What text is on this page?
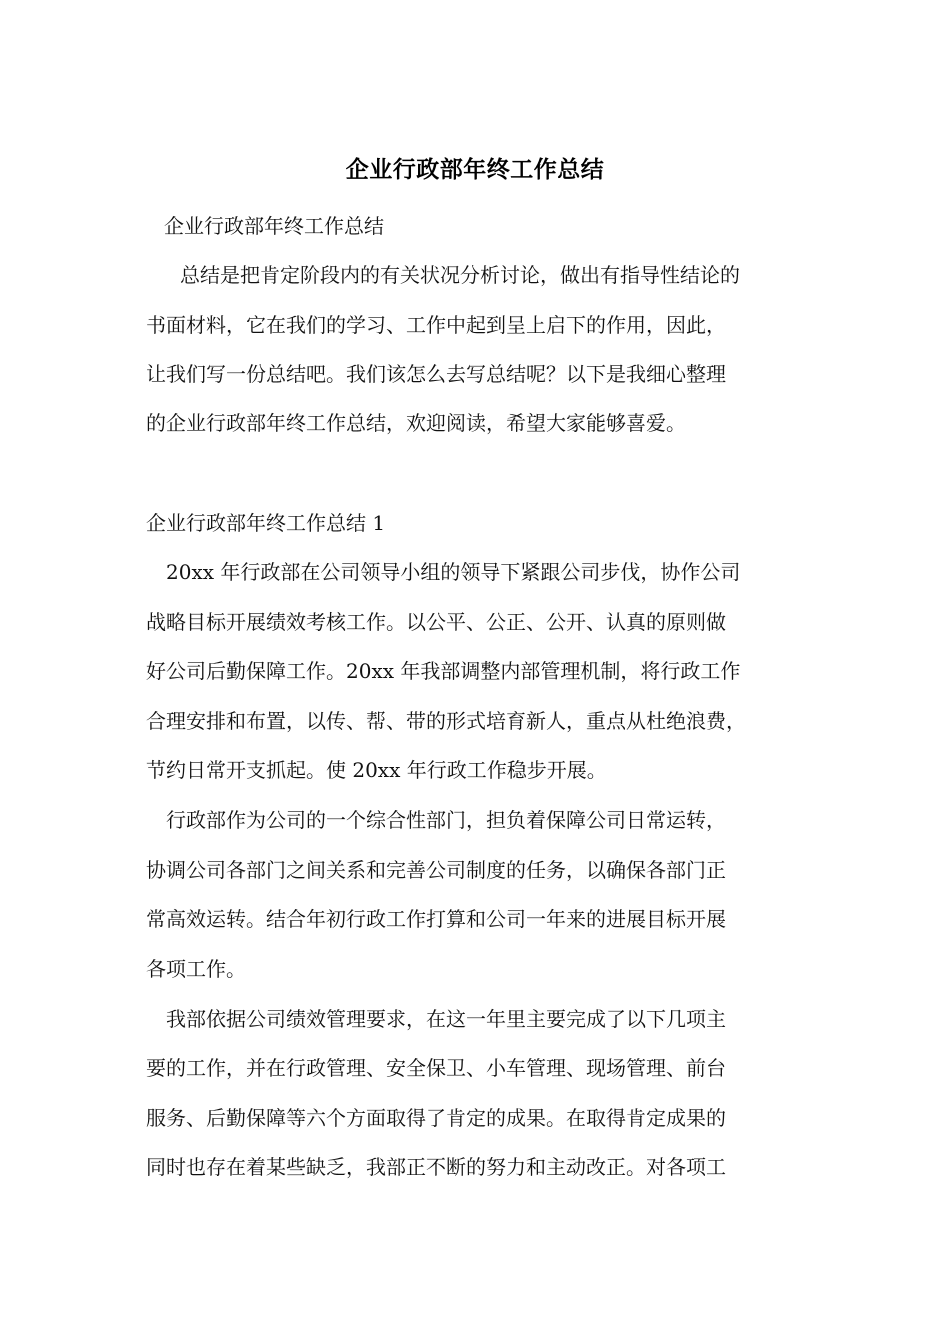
企业行政部年终工作总结
企业行政部年终工作总结
总结是把肯定阶段内的有关状况分析讨论，做出有指导性结论的
书面材料，它在我们的学习、工作中起到呈上启下的作用，因此，
让我们写一份总结吧。我们该怎么去写总结呢？以下是我细心整理
的企业行政部年终工作总结，欢迎阅读，希望大家能够喜爱。
企业行政部年终工作总结 1
20xx 年行政部在公司领导小组的领导下紧跟公司步伐，协作公司
战略目标开展绩效考核工作。以公平、公正、公开、认真的原则做
好公司后勤保障工作。20xx 年我部调整内部管理机制，将行政工作
合理安排和布置，以传、帮、带的形式培育新人，重点从杜绝浪费，
节约日常开支抓起。使 20xx 年行政工作稳步开展。
行政部作为公司的一个综合性部门，担负着保障公司日常运转，
协调公司各部门之间关系和完善公司制度的任务，以确保各部门正
常高效运转。结合年初行政工作打算和公司一年来的进展目标开展
各项工作。
我部依据公司绩效管理要求，在这一年里主要完成了以下几项主
要的工作，并在行政管理、安全保卫、小车管理、现场管理、前台
服务、后勤保障等六个方面取得了肯定的成果。在取得肯定成果的
同时也存在着某些缺乏，我部正不断的努力和主动改正。对各项工
